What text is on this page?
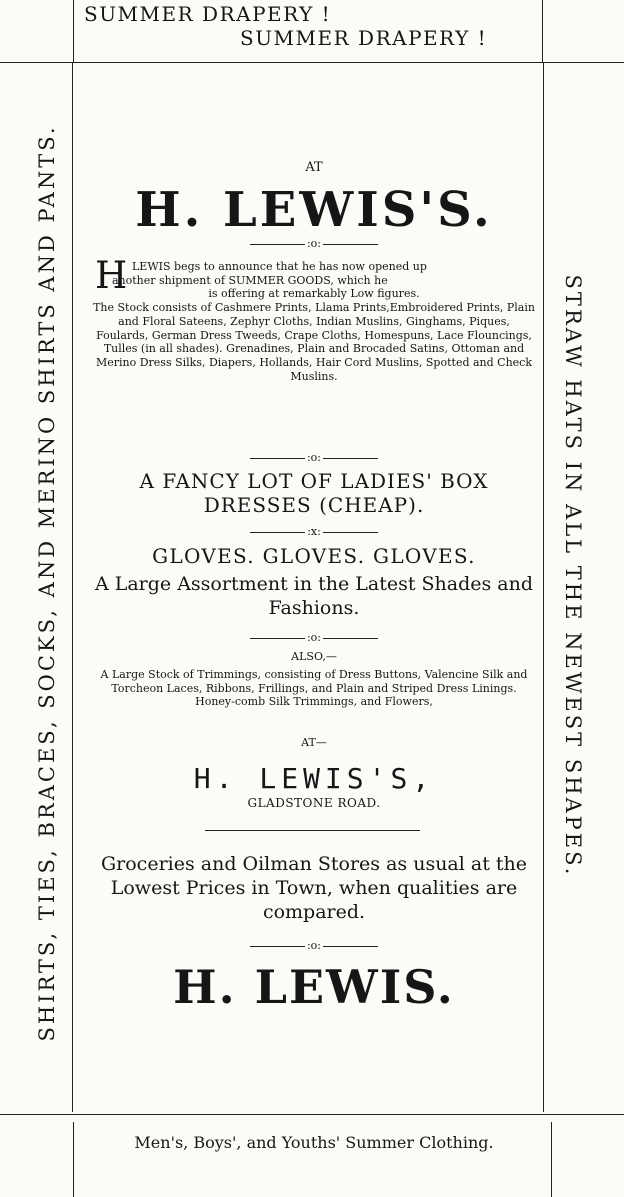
SUMMER DRAPERY !
SUMMER DRAPERY !
SHIRTS, TIES, BRACES, SOCKS, AND MERINO SHIRTS AND PANTS.	STRAW HATS IN ALL THE NEWEST SHAPES.
AT
H. LEWIS'S.
:o:
H LEWIS begs to announce that he has now opened up
another shipment of SUMMER GOODS, which he
is offering at remarkably Low figures.
The Stock consists of Cashmere Prints, Llama Prints,Embroidered Prints, Plain and Floral Sateens, Zephyr Cloths, Indian Muslins, Ginghams, Piques, Foulards, German Dress Tweeds, Crape Cloths, Homespuns, Lace Flouncings, Tulles (in all shades). Grenadines, Plain and Brocaded Satins, Ottoman and Merino Dress Silks, Diapers, Hollands, Hair Cord Muslins, Spotted and Check Muslins.
:o:
A FANCY LOT OF LADIES' BOX DRESSES (CHEAP).
:x:
GLOVES. GLOVES. GLOVES.
A Large Assortment in the Latest Shades and Fashions.
:o:
ALSO,—
A Large Stock of Trimmings, consisting of Dress Buttons, Valencine Silk and Torcheon Laces, Ribbons, Frillings, and Plain and Striped Dress Linings. Honey-comb Silk Trimmings, and Flowers,
AT—
H. LEWIS'S,
GLADSTONE ROAD.
Groceries and Oilman Stores as usual at the Lowest Prices in Town, when qualities are compared.
:o:
H. LEWIS.
Men's, Boys', and Youths' Summer Clothing.
